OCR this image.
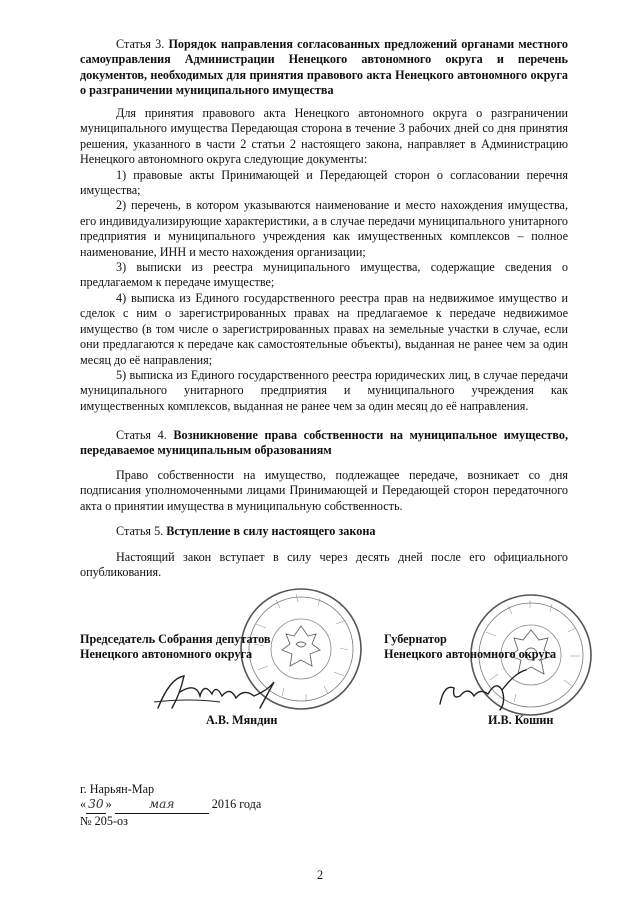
Статья 3. Порядок направления согласованных предложений органами местного самоуправления Администрации Ненецкого автономного округа и перечень документов, необходимых для принятия правового акта Ненецкого автономного округа о разграничении муниципального имущества

Для принятия правового акта Ненецкого автономного округа о разграничении муниципального имущества Передающая сторона в течение 3 рабочих дней со дня принятия решения, указанного в части 2 статьи 2 настоящего закона, направляет в Администрацию Ненецкого автономного округа следующие документы:

1) правовые акты Принимающей и Передающей сторон о согласовании перечня имущества;

2) перечень, в котором указываются наименование и место нахождения имущества, его индивидуализирующие характеристики, а в случае передачи муниципального унитарного предприятия и муниципального учреждения как имущественных комплексов – полное наименование, ИНН и место нахождения организации;

3) выписки из реестра муниципального имущества, содержащие сведения о предлагаемом к передаче имуществе;

4) выписка из Единого государственного реестра прав на недвижимое имущество и сделок с ним о зарегистрированных правах на предлагаемое к передаче недвижимое имущество (в том числе о зарегистрированных правах на земельные участки в случае, если они предлагаются к передаче как самостоятельные объекты), выданная не ранее чем за один месяц до её направления;

5) выписка из Единого государственного реестра юридических лиц, в случае передачи муниципального унитарного предприятия и муниципального учреждения как имущественных комплексов, выданная не ранее чем за один месяц до её направления.

Статья 4. Возникновение права собственности на муниципальное имущество, передаваемое муниципальным образованиям

Право собственности на имущество, подлежащее передаче, возникает со дня подписания уполномоченными лицами Принимающей и Передающей сторон передаточного акта о принятии имущества в муниципальную собственность.

Статья 5. Вступление в силу настоящего закона

Настоящий закон вступает в силу через десять дней после его официального опубликования.

Председатель Собрания депутатов
Ненецкого автономного округа
Губернатор
Ненецкого автономного округа
А.В. Мяндин	И.В. Кошин
г. Нарьян-Мар
« 30 »	мая	2016 года
№ 205-оз
2
